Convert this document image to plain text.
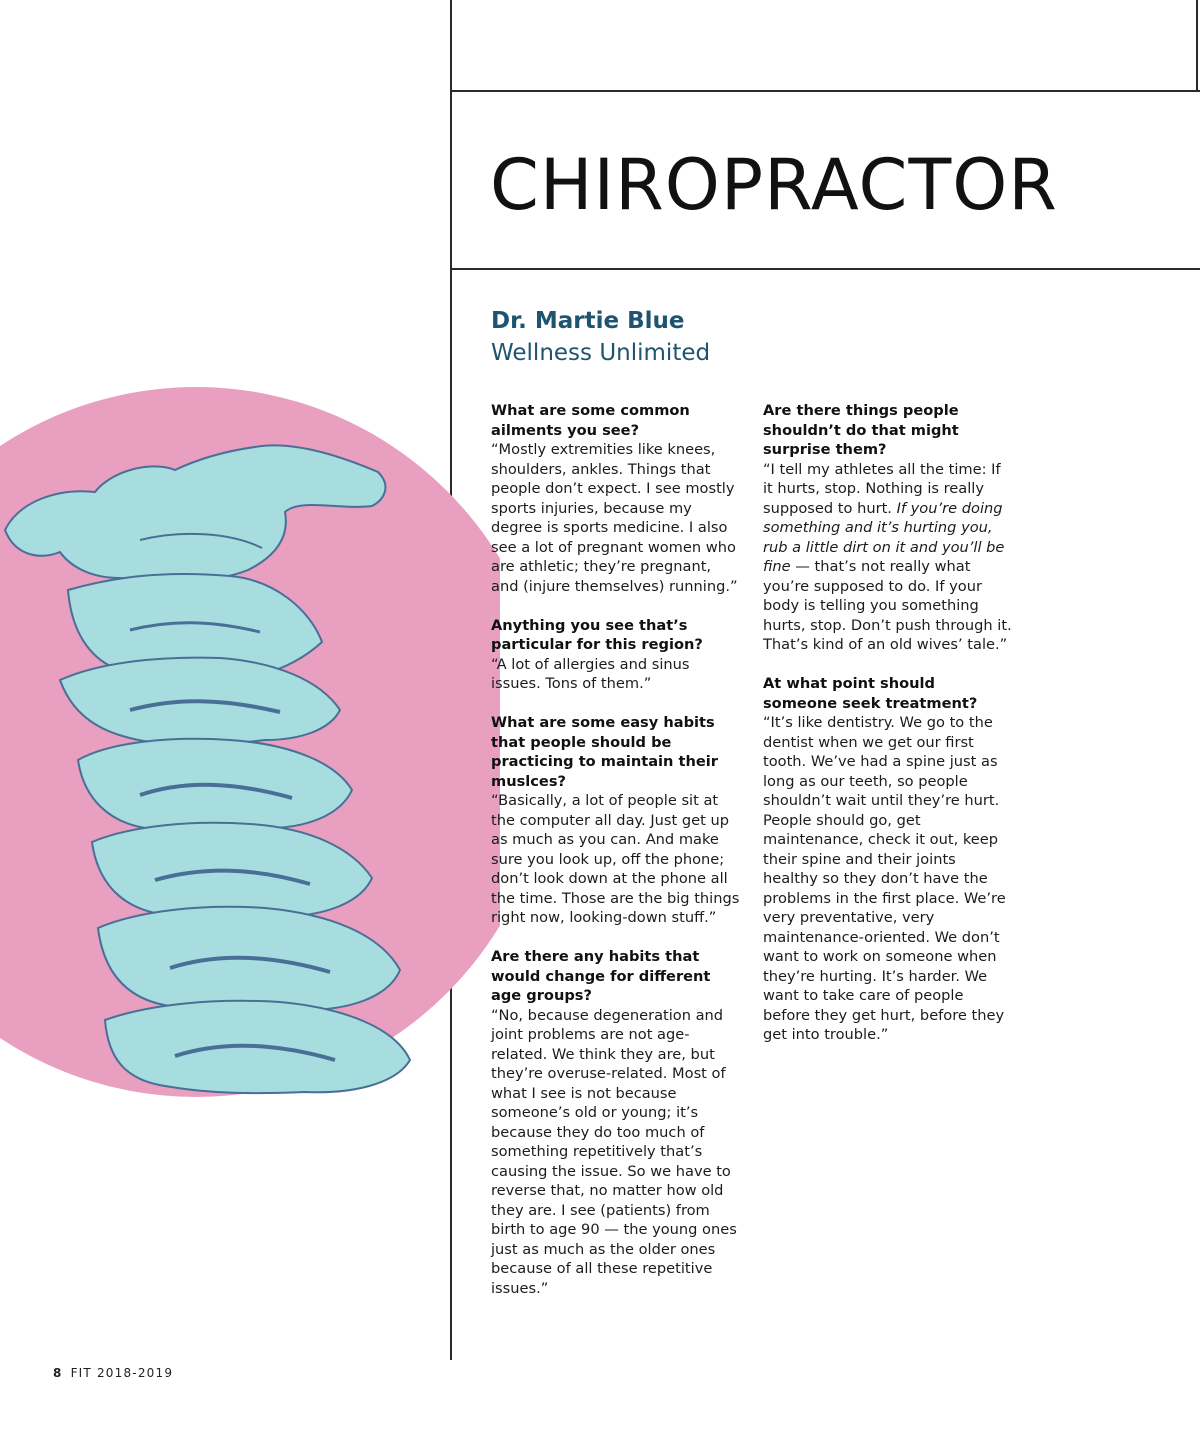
CHIROPRACTOR
Dr. Martie Blue
Wellness Unlimited

What are some common ailments you see?

“Mostly extremities like knees, shoulders, ankles. Things that people don’t expect. I see mostly sports injuries, because my degree is sports medicine. I also see a lot of pregnant women who are athletic; they’re pregnant, and (injure themselves) running.”

Anything you see that’s particular for this region?

“A lot of allergies and sinus issues. Tons of them.”

What are some easy habits that people should be practicing to maintain their muslces?

“Basically, a lot of people sit at the computer all day. Just get up as much as you can. And make sure you look up, off the phone; don’t look down at the phone all the time. Those are the big things right now, looking-down stuff.”

Are there any habits that would change for different age groups?

“No, because degeneration and joint problems are not age-related. We think they are, but they’re overuse-related. Most of what I see is not because someone’s old or young; it’s because they do too much of something repetitively that’s causing the issue. So we have to reverse that, no matter how old they are. I see (patients) from birth to age 90 — the young ones just as much as the older ones because of all these repetitive issues.”

Are there things people shouldn’t do that might surprise them?

“I tell my athletes all the time: If it hurts, stop. Nothing is really supposed to hurt. If you’re doing something and it’s hurting you, rub a little dirt on it and you’ll be fine — that’s not really what you’re supposed to do. If your body is telling you something hurts, stop. Don’t push through it. That’s kind of an old wives’ tale.”

At what point should someone seek treatment?

“It’s like dentistry. We go to the dentist when we get our first tooth. We’ve had a spine just as long as our teeth, so people shouldn’t wait until they’re hurt. People should go, get maintenance, check it out, keep their spine and their joints healthy so they don’t have the problems in the first place. We’re very preventative, very maintenance-oriented. We don’t want to work on someone when they’re hurting. It’s harder. We want to take care of people before they get hurt, before they get into trouble.”

8 FIT 2018-2019
